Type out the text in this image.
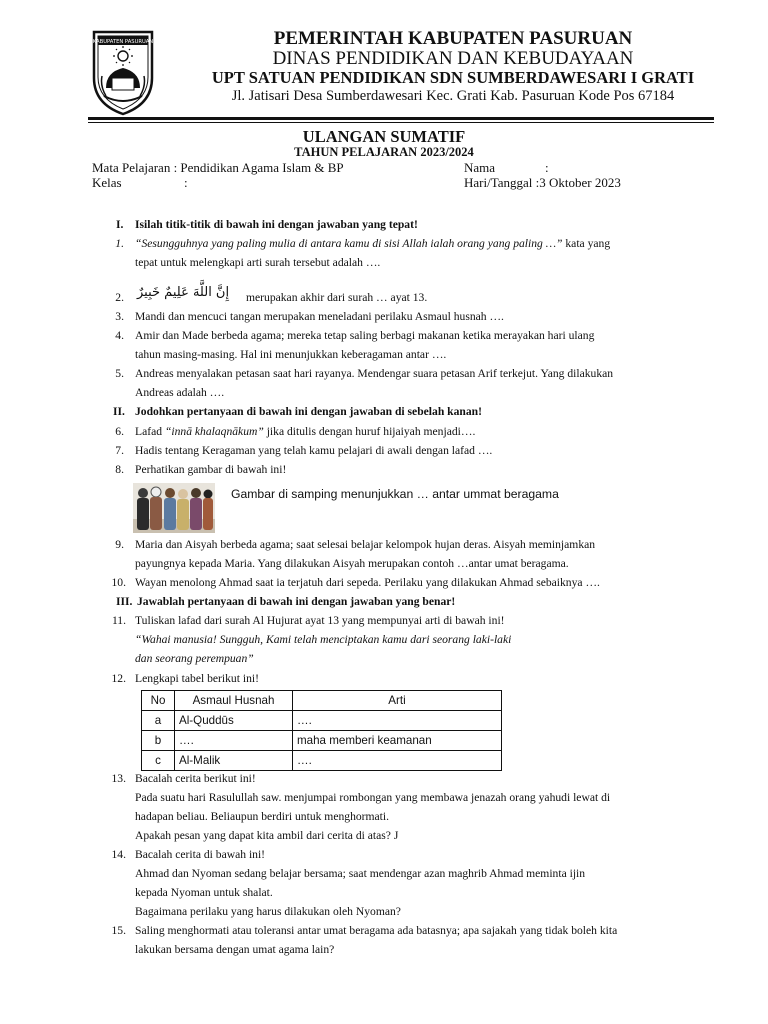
KABUPATEN PASURUAN	PEMERINTAH KABUPATEN PASURUAN
DINAS PENDIDIKAN DAN KEBUDAYAAN
UPT SATUAN PENDIDIKAN SDN SUMBERDAWESARI I GRATI
Jl. Jatisari Desa Sumberdawesari Kec. Grati Kab. Pasuruan Kode Pos 67184
ULANGAN SUMATIF
TAHUN PELAJARAN 2023/2024
Mata Pelajaran : Pendidikan Agama Islam & BP	Nama	:
Kelas	:	Hari/Tanggal :3 Oktober 2023
I. Isilah titik-titik di bawah ini dengan jawaban yang tepat!
1. “Sesungguhnya yang paling mulia di antara kamu di sisi Allah ialah orang yang paling …” kata yang
tepat untuk melengkapi arti surah tersebut adalah ….
2. إِنَّ اللَّهَ عَلِيمٌ خَبِيرٌ merupakan akhir dari surah … ayat 13.
3. Mandi dan mencuci tangan merupakan meneladani perilaku Asmaul husnah ….
4. Amir dan Made berbeda agama; mereka tetap saling berbagi makanan ketika merayakan hari ulang
tahun masing-masing. Hal ini menunjukkan keberagaman antar ….
5. Andreas menyalakan petasan saat hari rayanya. Mendengar suara petasan Arif terkejut. Yang dilakukan
Andreas adalah ….
II. Jodohkan pertanyaan di bawah ini dengan jawaban di sebelah kanan!
6. Lafad “innā khalaqnākum” jika ditulis dengan huruf hijaiyah menjadi….
7. Hadis tentang Keragaman yang telah kamu pelajari di awali dengan lafad ….
8. Perhatikan gambar di bawah ini!
Gambar di samping menunjukkan … antar ummat beragama
9. Maria dan Aisyah berbeda agama; saat selesai belajar kelompok hujan deras. Aisyah meminjamkan
payungnya kepada Maria. Yang dilakukan Aisyah merupakan contoh …antar umat beragama.
10. Wayan menolong Ahmad saat ia terjatuh dari sepeda. Perilaku yang dilakukan Ahmad sebaiknya ….
III. Jawablah pertanyaan di bawah ini dengan jawaban yang benar!
11. Tuliskan lafad dari surah Al Hujurat ayat 13 yang mempunyai arti di bawah ini!
“Wahai manusia! Sungguh, Kami telah menciptakan kamu dari seorang laki-laki
dan seorang perempuan”
12. Lengkapi tabel berikut ini!
No	Asmaul Husnah	Arti
a	Al-Quddūs	….
b	….	maha memberi keamanan
c	Al-Malik	….
13. Bacalah cerita berikut ini!
Pada suatu hari Rasulullah saw. menjumpai rombongan yang membawa jenazah orang yahudi lewat di
hadapan beliau. Beliaupun berdiri untuk menghormati.
Apakah pesan yang dapat kita ambil dari cerita di atas? J
14. Bacalah cerita di bawah ini!
Ahmad dan Nyoman sedang belajar bersama; saat mendengar azan maghrib Ahmad meminta ijin
kepada Nyoman untuk shalat.
Bagaimana perilaku yang harus dilakukan oleh Nyoman?
15. Saling menghormati atau toleransi antar umat beragama ada batasnya; apa sajakah yang tidak boleh kita
lakukan bersama dengan umat agama lain?
